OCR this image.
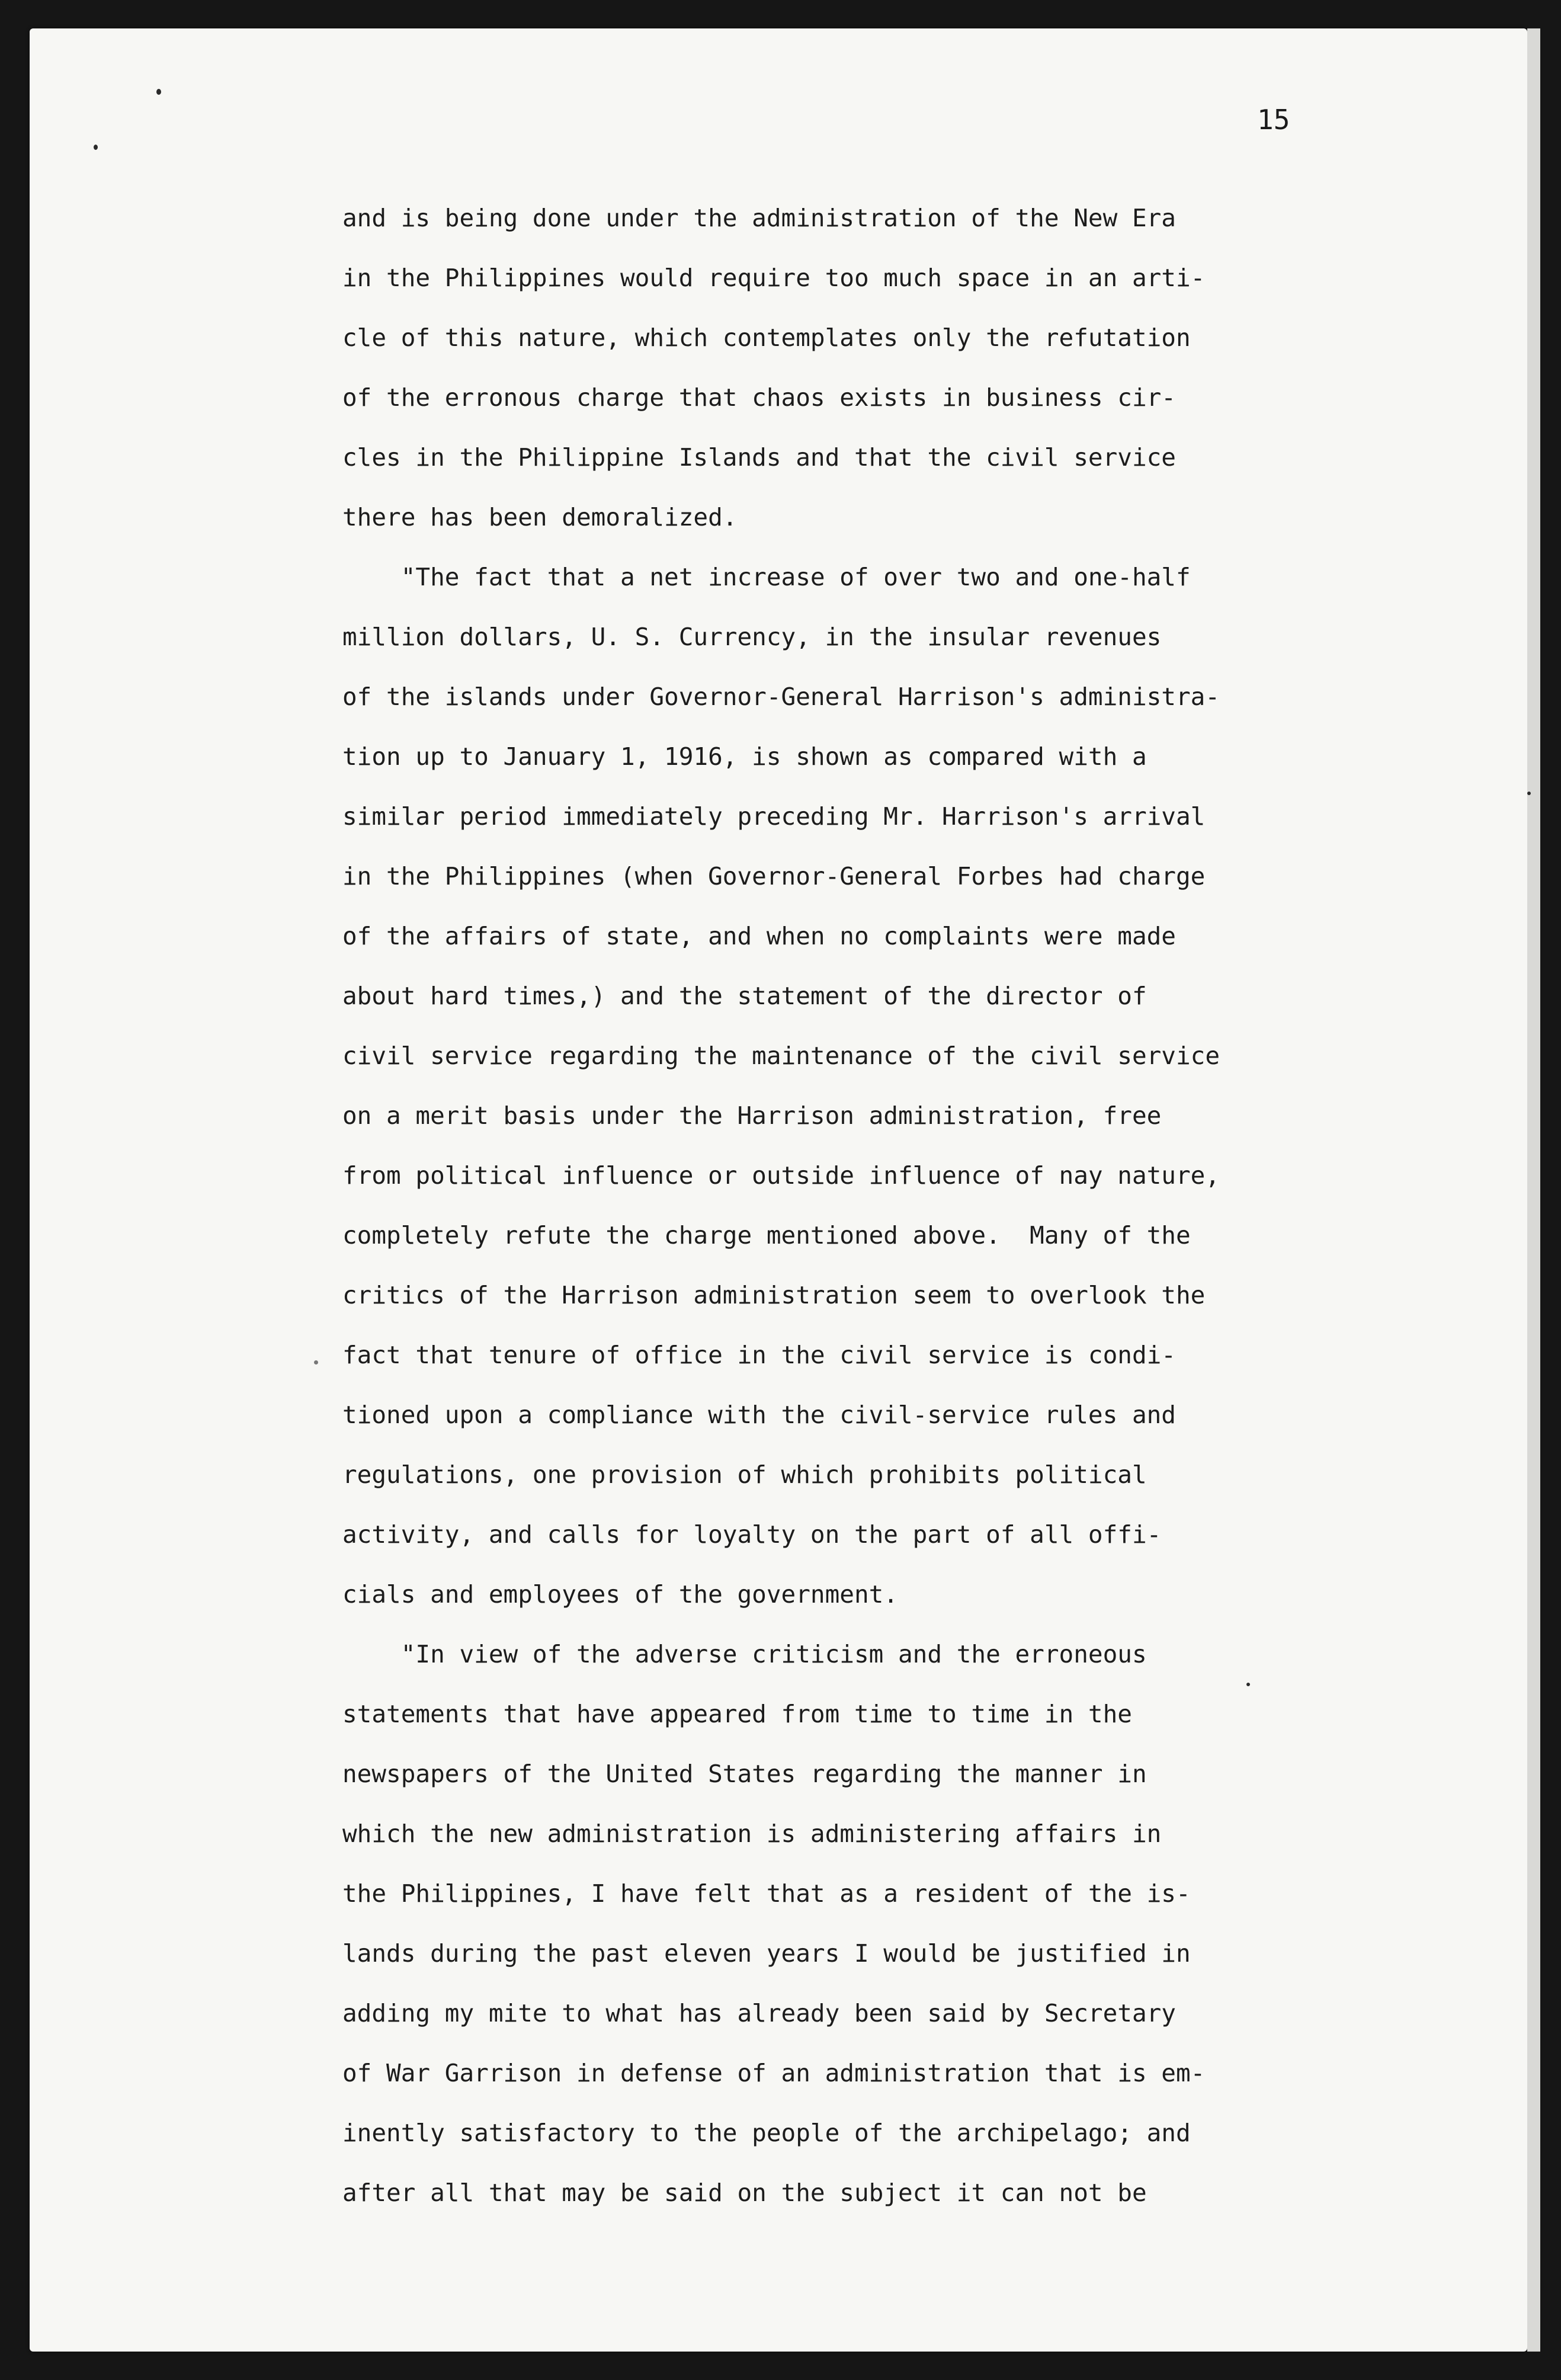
15
and is being done under the administration of the New Era
in the Philippines would require too much space in an arti-
cle of this nature, which contemplates only the refutation
of the erronous charge that chaos exists in business cir-
cles in the Philippine Islands and that the civil service
there has been demoralized.
"The fact that a net increase of over two and one-half
million dollars, U. S. Currency, in the insular revenues
of the islands under Governor-General Harrison's administra-
tion up to January 1, 1916, is shown as compared with a
similar period immediately preceding Mr. Harrison's arrival
in the Philippines (when Governor-General Forbes had charge
of the affairs of state, and when no complaints were made
about hard times,) and the statement of the director of
civil service regarding the maintenance of the civil service
on a merit basis under the Harrison administration, free
from political influence or outside influence of nay nature,
completely refute the charge mentioned above.  Many of the
critics of the Harrison administration seem to overlook the
fact that tenure of office in the civil service is condi-
tioned upon a compliance with the civil-service rules and
regulations, one provision of which prohibits political
activity, and calls for loyalty on the part of all offi-
cials and employees of the government.
"In view of the adverse criticism and the erroneous
statements that have appeared from time to time in the
newspapers of the United States regarding the manner in
which the new administration is administering affairs in
the Philippines, I have felt that as a resident of the is-
lands during the past eleven years I would be justified in
adding my mite to what has already been said by Secretary
of War Garrison in defense of an administration that is em-
inently satisfactory to the people of the archipelago; and
after all that may be said on the subject it can not be
